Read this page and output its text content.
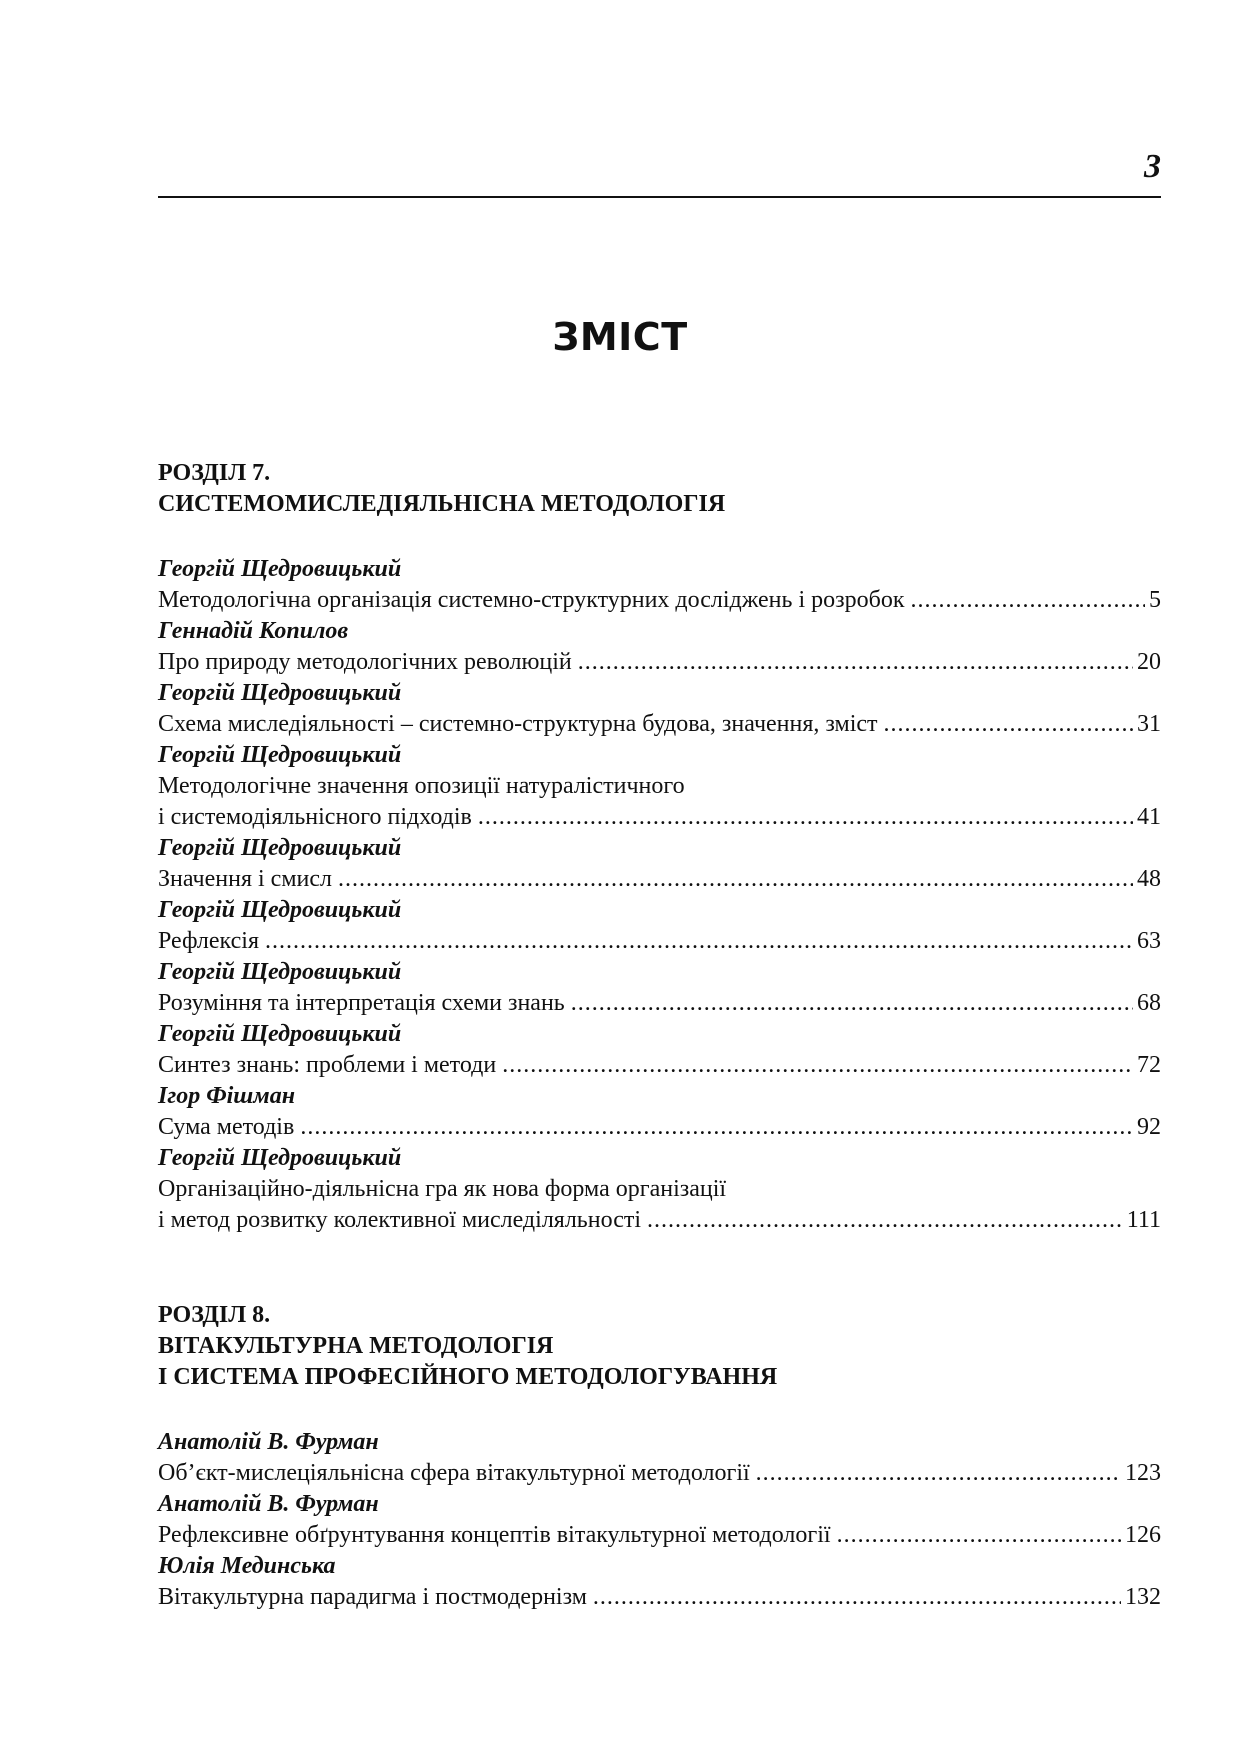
3
ЗМІСТ
РОЗДІЛ 7.
СИСТЕМОМИСЛЕДІЯЛЬНІСНА МЕТОДОЛОГІЯ
Георгій Щедровицький
Методологічна організація системно-структурних досліджень і розробок .....	5
Геннадій Копилов
Про природу методологічних революцій .....	20
Георгій Щедровицький
Схема миследіяльності – системно-структурна будова, значення, зміст .....	31
Георгій Щедровицький
Методологічне значення опозиції натуралістичного
і системодіяльнісного підходів .....	41
Георгій Щедровицький
Значення і смисл .....	48
Георгій Щедровицький
Рефлексія .....	63
Георгій Щедровицький
Розуміння та інтерпретація схеми знань .....	68
Георгій Щедровицький
Синтез знань: проблеми і методи .....	72
Ігор Фішман
Сума методів .....	92
Георгій Щедровицький
Організаційно-діяльнісна гра як нова форма організації
і метод розвитку колективної миследіляльності .....	111
РОЗДІЛ 8.
ВІТАКУЛЬТУРНА МЕТОДОЛОГІЯ
І СИСТЕМА ПРОФЕСІЙНОГО МЕТОДОЛОГУВАННЯ
Анатолій В. Фурман
Об’єкт-мислеціяльнісна сфера вітакультурної методології .....	123
Анатолій В. Фурман
Рефлексивне обґрунтування концептів вітакультурної методології .....	126
Юлія Мединська
Вітакультурна парадигма і постмодернізм .....	132
